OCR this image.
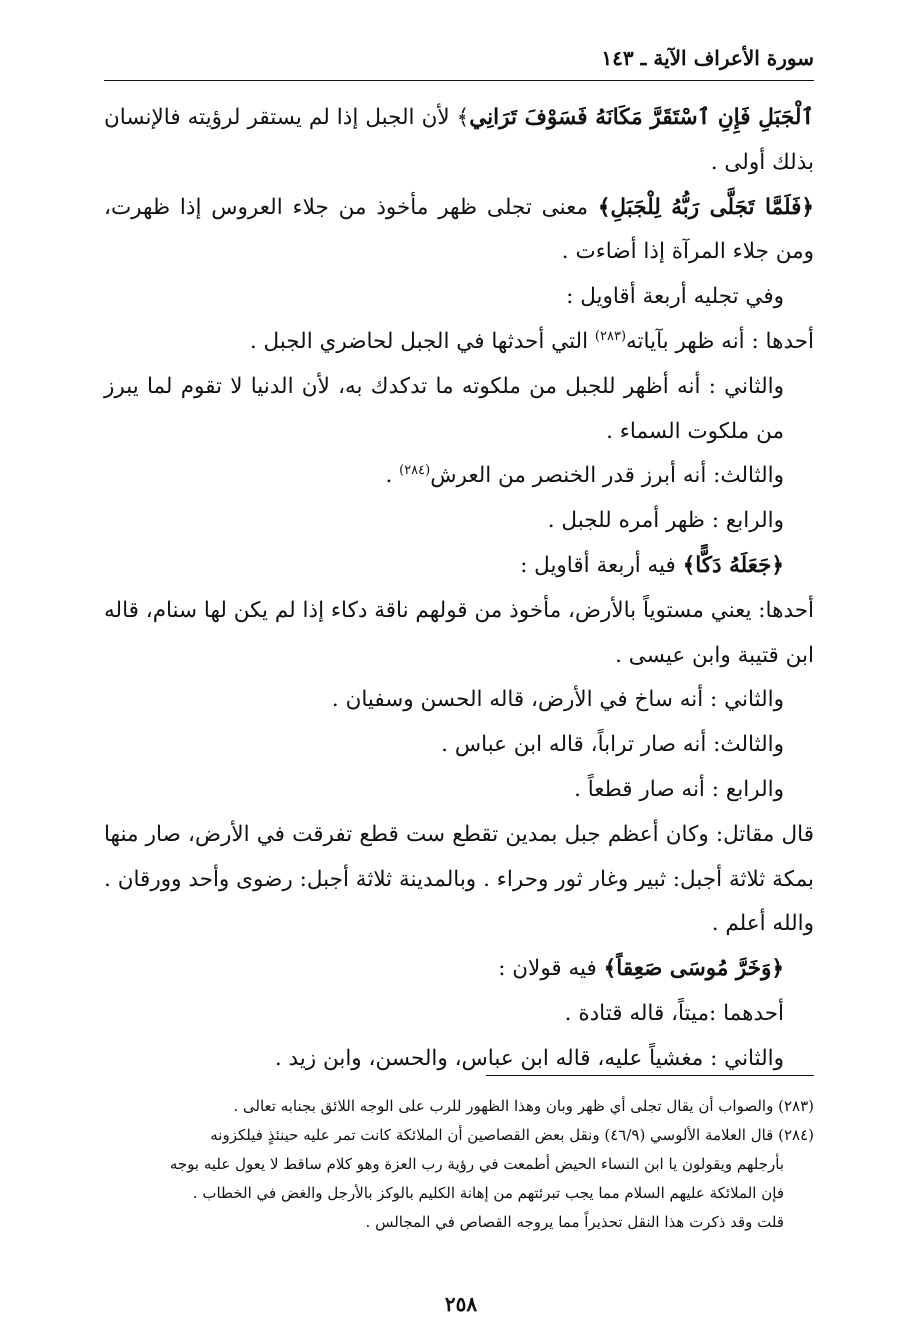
سورة الأعراف الآية ـ ١٤٣
ٱلْجَبَلِ فَإِنِ ٱسْتَقَرَّ مَكَانَهُ فَسَوْفَ تَرَانِي﴾ لأن الجبل إذا لم يستقر لرؤيته فالإنسان بذلك أولى .
﴿فَلَمَّا تَجَلَّى رَبُّهُ لِلْجَبَلِ﴾ معنى تجلى ظهر مأخوذ من جلاء العروس إذا ظهرت، ومن جلاء المرآة إذا أضاءت .
وفي تجليه أربعة أقاويل :
أحدها : أنه ظهر بآياته$^{(٢٨٣)}$ التي أحدثها في الجبل لحاضري الجبل .
والثاني : أنه أظهر للجبل من ملكوته ما تدكدك به، لأن الدنيا لا تقوم لما يبرز من ملكوت السماء .
والثالث: أنه أبرز قدر الخنصر من العرش$^{(٢٨٤)}$ .
والرابع : ظهر أمره للجبل .
﴿جَعَلَهُ دَكًّا﴾ فيه أربعة أقاويل :
أحدها: يعني مستوياً بالأرض، مأخوذ من قولهم ناقة دكاء إذا لم يكن لها سنام، قاله ابن قتيبة وابن عيسى .
والثاني : أنه ساخ في الأرض، قاله الحسن وسفيان .
والثالث: أنه صار تراباً، قاله ابن عباس .
والرابع : أنه صار قطعاً .
قال مقاتل: وكان أعظم جبل بمدين تقطع ست قطع تفرقت في الأرض، صار منها بمكة ثلاثة أجبل: ثبير وغار ثور وحراء . وبالمدينة ثلاثة أجبل: رضوى وأحد وورقان . والله أعلم .
﴿وَخَرَّ مُوسَى صَعِقاً﴾ فيه قولان :
أحدهما :ميتاً، قاله قتادة .
والثاني : مغشياً عليه، قاله ابن عباس، والحسن، وابن زيد .
(٢٨٣) والصواب أن يقال تجلى أي ظهر وبان وهذا الظهور للرب على الوجه اللائق بجنابه تعالى .
(٢٨٤) قال العلامة الألوسي (٤٦/٩) ونقل بعض القصاصين أن الملائكة كانت تمر عليه حينئذٍ فيلكزونه
بأرجلهم ويقولون يا ابن النساء الحيض أطمعت في رؤية رب العزة وهو كلام ساقط لا يعول عليه بوجه
فإن الملائكة عليهم السلام مما يجب تبرئتهم من إهانة الكليم بالوكز بالأرجل والغض في الخطاب .
قلت وقد ذكرت هذا النقل تحذيراً مما يروجه القصاص في المجالس .
٢٥٨
